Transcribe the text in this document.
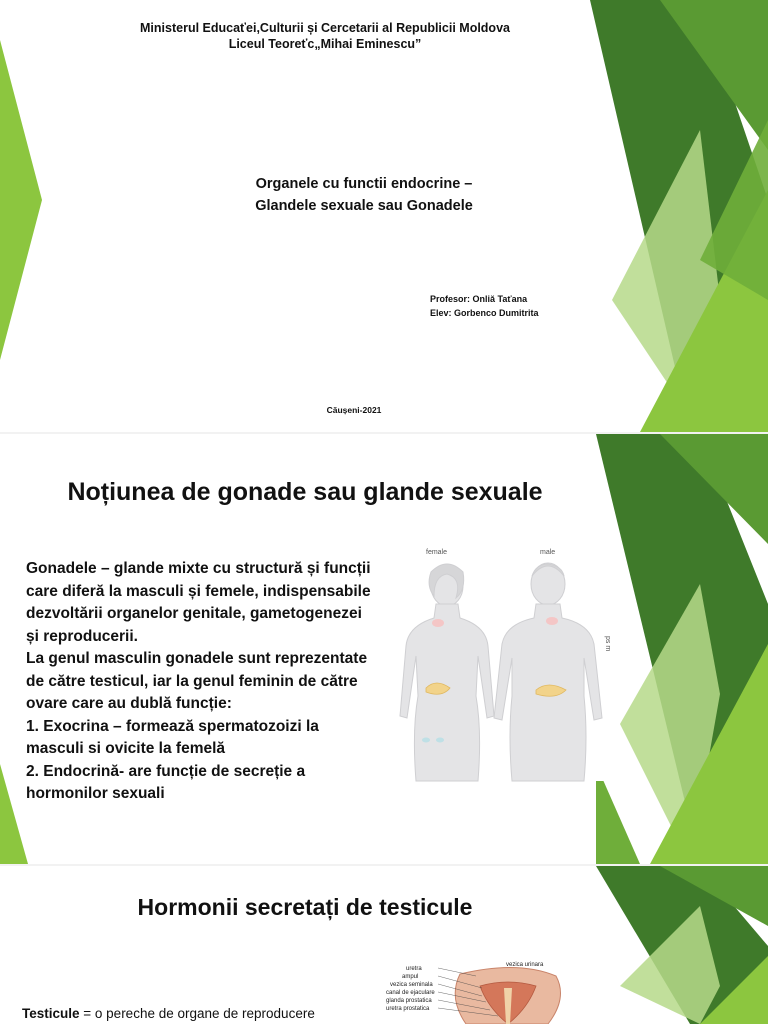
Ministerul Educaťei,Culturii și Cercetarii al Republicii Moldova
Liceul Teoreťc„Mihai Eminescu”
Organele cu functii endocrine –
Glandele sexuale sau Gonadele
Profesor: Onliă Taťana
Elev: Gorbenco Dumitrita
Căușeni-2021
Noțiunea de gonade sau glande sexuale

Gonadele – glande mixte cu structură și funcții care diferă la masculi și femele, indispensabile dezvoltării organelor genitale, gametogenezei și reproducerii.

La genul masculin gonadele sunt reprezentate de către testicul, iar la genul feminin de către ovare care au dublă funcție:

1. Exocrina – formează spermatozoizi la masculi si ovicite la femelă

2. Endocrină- are funcție de secreție a hormonilor sexuali

female	male
ps m
Hormonii secretați de testicule
vezica urinara
uretra
ampul
vezica seminala
canal de ejaculare
glanda prostatica
uretra prostatica
Testicule = o pereche de organe de reproducere
